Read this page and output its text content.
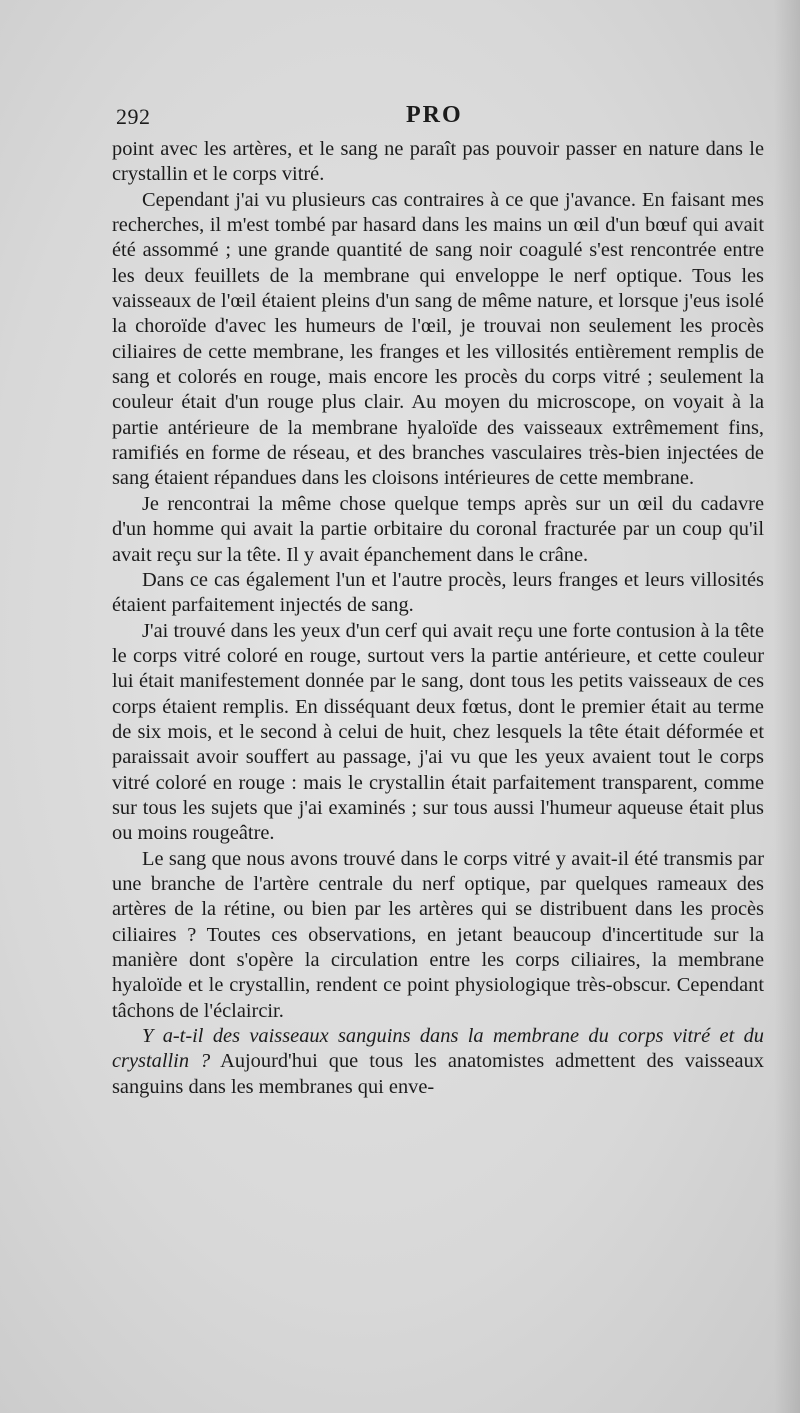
292	PRO

point avec les artères, et le sang ne paraît pas pouvoir passer en nature dans le crystallin et le corps vitré.

Cependant j'ai vu plusieurs cas contraires à ce que j'avance. En faisant mes recherches, il m'est tombé par hasard dans les mains un œil d'un bœuf qui avait été assommé ; une grande quantité de sang noir coagulé s'est rencontrée entre les deux feuillets de la membrane qui enveloppe le nerf optique. Tous les vaisseaux de l'œil étaient pleins d'un sang de même nature, et lorsque j'eus isolé la choroïde d'avec les humeurs de l'œil, je trouvai non seulement les procès ciliaires de cette membrane, les franges et les villosités entièrement remplis de sang et colorés en rouge, mais encore les procès du corps vitré ; seulement la couleur était d'un rouge plus clair. Au moyen du microscope, on voyait à la partie antérieure de la membrane hyaloïde des vaisseaux extrêmement fins, ramifiés en forme de réseau, et des branches vasculaires très-bien injectées de sang étaient répandues dans les cloisons intérieures de cette membrane.

Je rencontrai la même chose quelque temps après sur un œil du cadavre d'un homme qui avait la partie orbitaire du coronal fracturée par un coup qu'il avait reçu sur la tête. Il y avait épanchement dans le crâne.

Dans ce cas également l'un et l'autre procès, leurs franges et leurs villosités étaient parfaitement injectés de sang.

J'ai trouvé dans les yeux d'un cerf qui avait reçu une forte contusion à la tête le corps vitré coloré en rouge, surtout vers la partie antérieure, et cette couleur lui était manifestement donnée par le sang, dont tous les petits vaisseaux de ces corps étaient remplis. En disséquant deux fœtus, dont le premier était au terme de six mois, et le second à celui de huit, chez lesquels la tête était déformée et paraissait avoir souffert au passage, j'ai vu que les yeux avaient tout le corps vitré coloré en rouge : mais le crystallin était parfaitement transparent, comme sur tous les sujets que j'ai examinés ; sur tous aussi l'humeur aqueuse était plus ou moins rougeâtre.

Le sang que nous avons trouvé dans le corps vitré y avait-il été transmis par une branche de l'artère centrale du nerf optique, par quelques rameaux des artères de la rétine, ou bien par les artères qui se distribuent dans les procès ciliaires ? Toutes ces observations, en jetant beaucoup d'incertitude sur la manière dont s'opère la circulation entre les corps ciliaires, la membrane hyaloïde et le crystallin, rendent ce point physiologique très-obscur. Cependant tâchons de l'éclaircir.

Y a-t-il des vaisseaux sanguins dans la membrane du corps vitré et du crystallin ? Aujourd'hui que tous les anatomistes admettent des vaisseaux sanguins dans les membranes qui enve-
